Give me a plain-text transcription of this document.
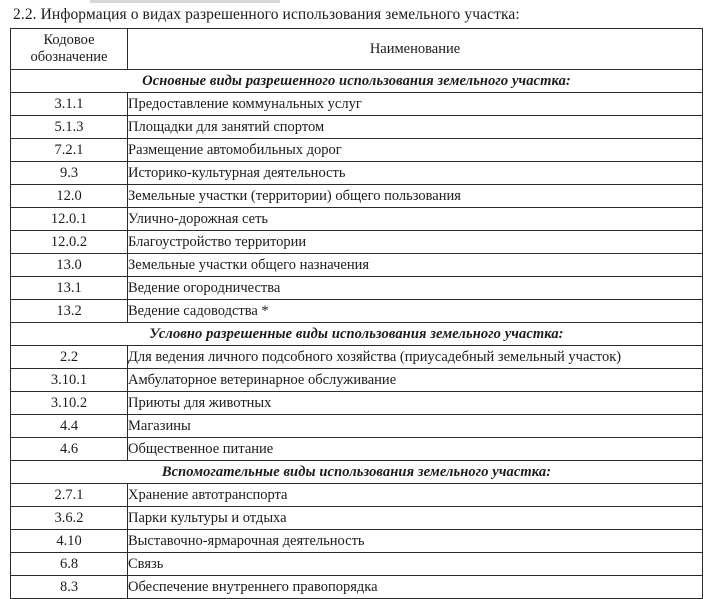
2.2. Информация о видах разрешенного использования земельного участка:
Кодовое обозначение	Наименование
Основные виды разрешенного использования земельного участка:	
3.1.1	Предоставление коммунальных услуг
5.1.3	Площадки для занятий спортом
7.2.1	Размещение автомобильных дорог
9.3	Историко-культурная деятельность
12.0	Земельные участки (территории) общего пользования
12.0.1	Улично-дорожная сеть
12.0.2	Благоустройство территории
13.0	Земельные участки общего назначения
13.1	Ведение огородничества
13.2	Ведение садоводства *
Условно разрешенные виды использования земельного участка:	
2.2	Для ведения личного подсобного хозяйства (приусадебный земельный участок)
3.10.1	Амбулаторное ветеринарное обслуживание
3.10.2	Приюты для животных
4.4	Магазины
4.6	Общественное питание
Вспомогательные виды использования земельного участка:	
2.7.1	Хранение автотранспорта
3.6.2	Парки культуры и отдыха
4.10	Выставочно-ярмарочная деятельность
6.8	Связь
8.3	Обеспечение внутреннего правопорядка
